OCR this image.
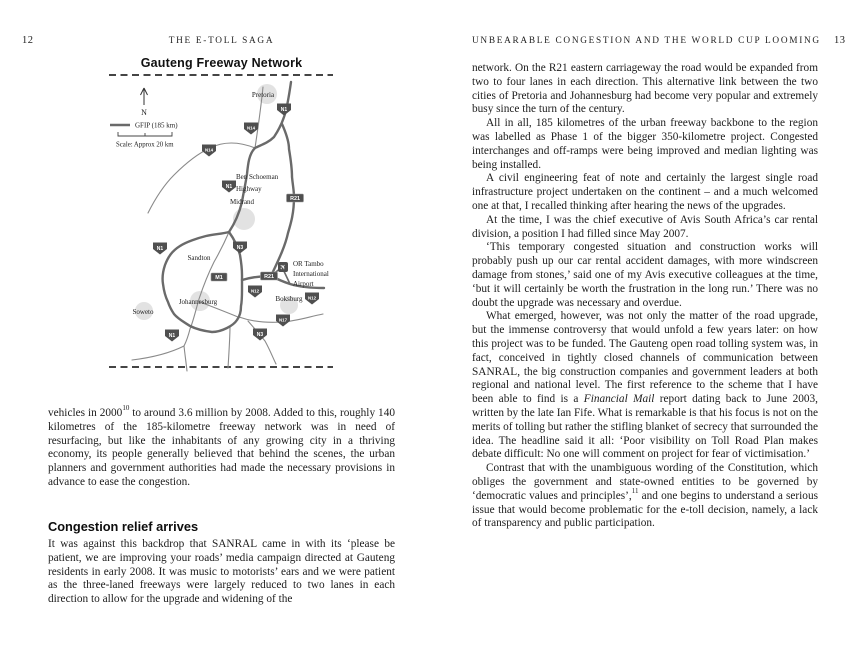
12	THE E-TOLL SAGA	UNBEARABLE CONGESTION AND THE WORLD CUP LOOMING 13
Gauteng Freeway Network
N
GFIP (185 km)
Scale: Approx 20 km
N1
N14
N14
N1
N3
N1
N12
N12
N17
N3
N1
R21
R21
M1
✈
Pretoria
Midrand
Sandton
Johannesburg	Boksburg
Soweto
Ben Schoeman
Highway
OR Tambo
International
Airport

vehicles in 2000$^{10}$ to around 3.6 million by 2008. Added to this, roughly 140 kilometres of the 185-kilometre freeway network was in need of resurfacing, but like the inhabitants of any growing city in a thriving economy, its people generally believed that behind the scenes, the urban planners and government authorities had made the necessary provisions in advance to ease the congestion.

Congestion relief arrives

It was against this backdrop that SANRAL came in with its ‘please be patient, we are improving your roads’ media campaign directed at Gauteng residents in early 2008. It was music to motorists’ ears and we were patient as the three-laned freeways were largely reduced to two lanes in each direction to allow for the upgrade and widening of the

network. On the R21 eastern carriageway the road would be expanded from two to four lanes in each direction. This alternative link between the two cities of Pretoria and Johannesburg had become very popular and extremely busy since the turn of the century.

All in all, 185 kilometres of the urban freeway backbone to the region was labelled as Phase 1 of the bigger 350-kilometre project. Congested interchanges and off-ramps were being improved and median lighting was being installed.

A civil engineering feat of note and certainly the largest single road infrastructure project undertaken on the continent – and a much welcomed one at that, I recalled thinking after hearing the news of the upgrades.

At the time, I was the chief executive of Avis South Africa’s car rental division, a position I had filled since May 2007.

‘This temporary congested situation and construction works will probably push up our car rental accident damages, with more windscreen damage from stones,’ said one of my Avis executive colleagues at the time, ‘but it will certainly be worth the frustration in the long run.’ There was no doubt the upgrade was necessary and overdue.

What emerged, however, was not only the matter of the road upgrade, but the immense controversy that would unfold a few years later: on how this project was to be funded. The Gauteng open road tolling system was, in fact, conceived in tightly closed channels of communication between SANRAL, the big construction companies and government leaders at both regional and national level. The first reference to the scheme that I have been able to find is a Financial Mail report dating back to June 2003, written by the late Ian Fife. What is remarkable is that his focus is not on the merits of tolling but rather the stifling blanket of secrecy that surrounded the idea. The headline said it all: ‘Poor visibility on Toll Road Plan makes debate difficult: No one will comment on project for fear of victimisation.’

Contrast that with the unambiguous wording of the Constitution, which obliges the government and state-owned entities to be governed by ‘democratic values and principles’,$^{11}$ and one begins to understand a serious issue that would become problematic for the e-toll decision, namely, a lack of transparency and public participation.
